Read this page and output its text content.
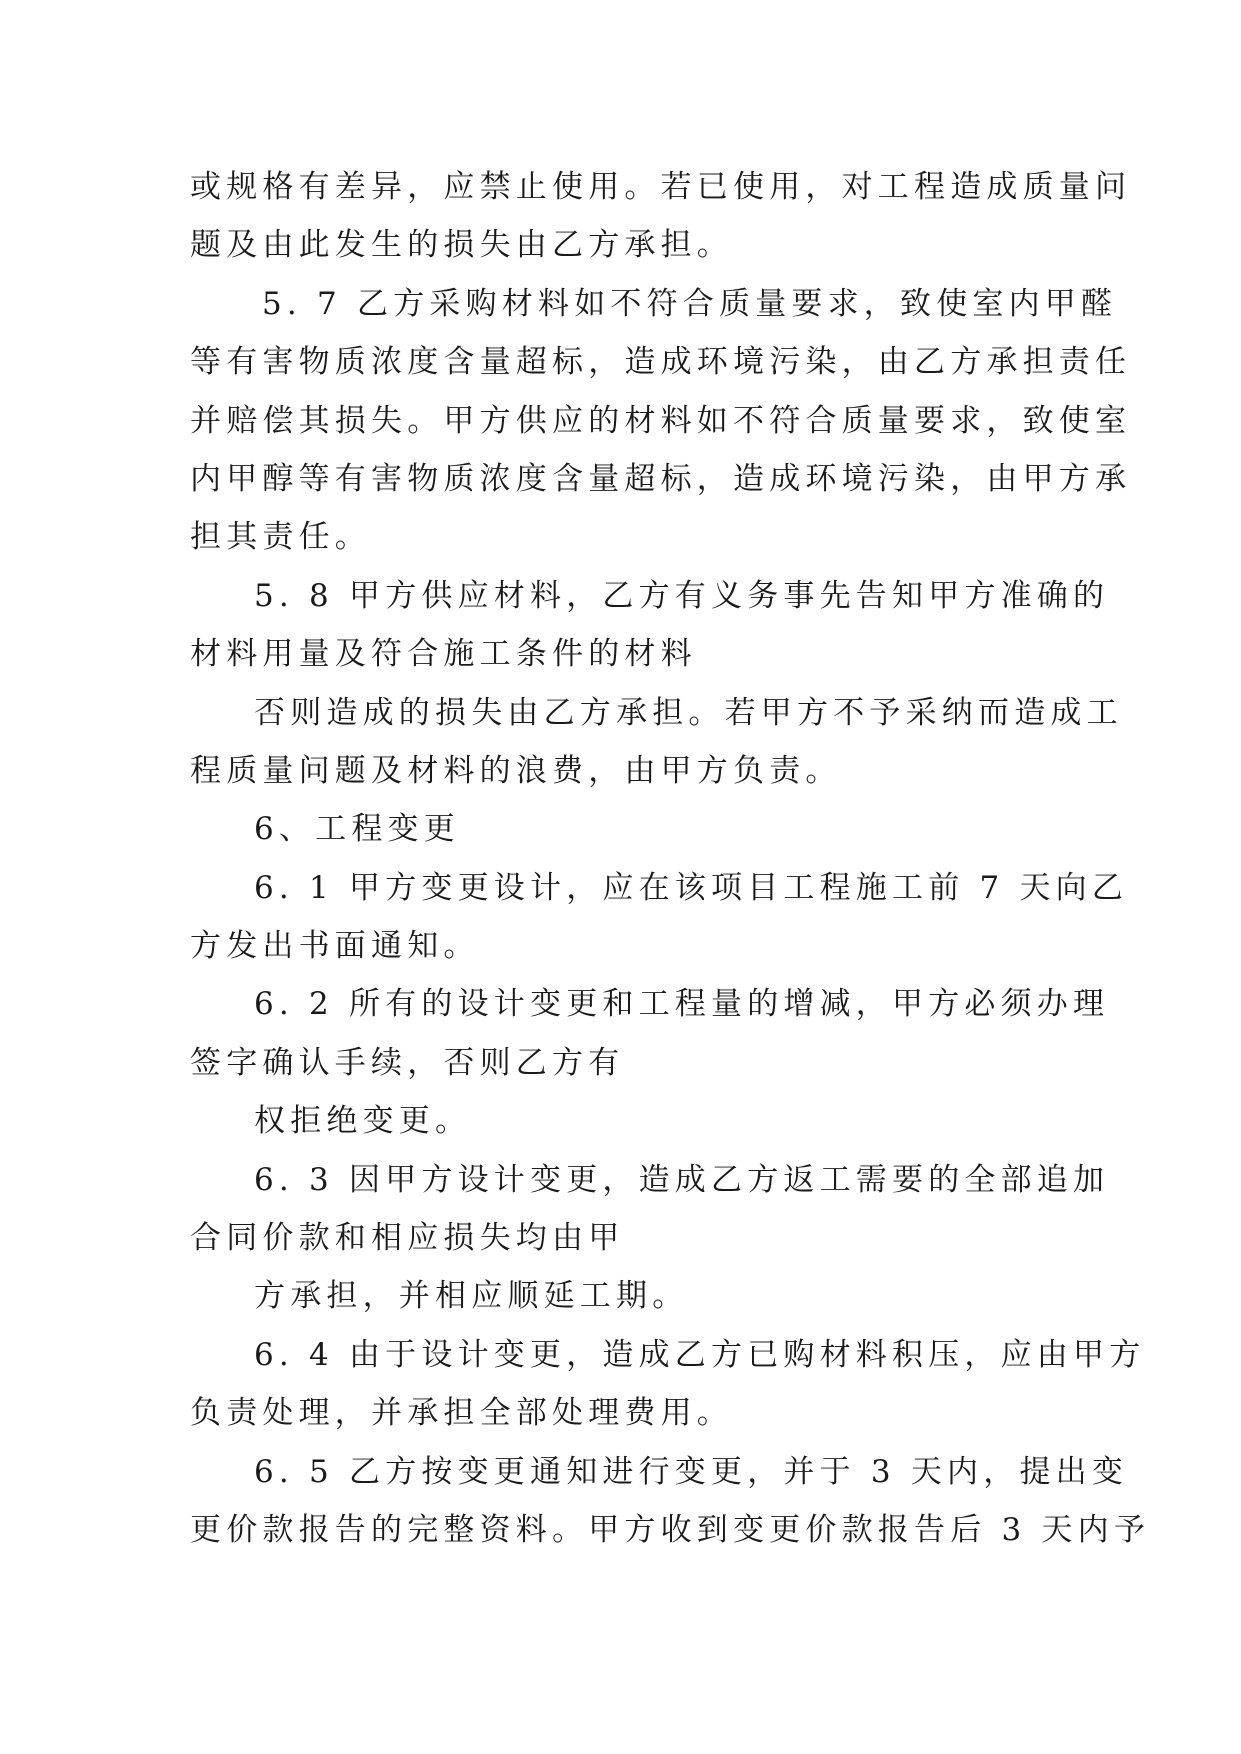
或规格有差异，应禁止使用。若已使用，对工程造成质量问
题及由此发生的损失由乙方承担。
5. 7 乙方采购材料如不符合质量要求，致使室内甲醛
等有害物质浓度含量超标，造成环境污染，由乙方承担责任
并赔偿其损失。甲方供应的材料如不符合质量要求，致使室
内甲醇等有害物质浓度含量超标，造成环境污染，由甲方承
担其责任。
5. 8 甲方供应材料，乙方有义务事先告知甲方准确的
材料用量及符合施工条件的材料
否则造成的损失由乙方承担。若甲方不予采纳而造成工
程质量问题及材料的浪费，由甲方负责。
6、工程变更
6. 1 甲方变更设计，应在该项目工程施工前 7 天向乙
方发出书面通知。
6. 2 所有的设计变更和工程量的增减，甲方必须办理
签字确认手续，否则乙方有
权拒绝变更。
6. 3 因甲方设计变更，造成乙方返工需要的全部追加
合同价款和相应损失均由甲
方承担，并相应顺延工期。
6. 4 由于设计变更，造成乙方已购材料积压，应由甲方
负责处理，并承担全部处理费用。
6. 5 乙方按变更通知进行变更，并于 3 天内，提出变
更价款报告的完整资料。甲方收到变更价款报告后 3 天内予
